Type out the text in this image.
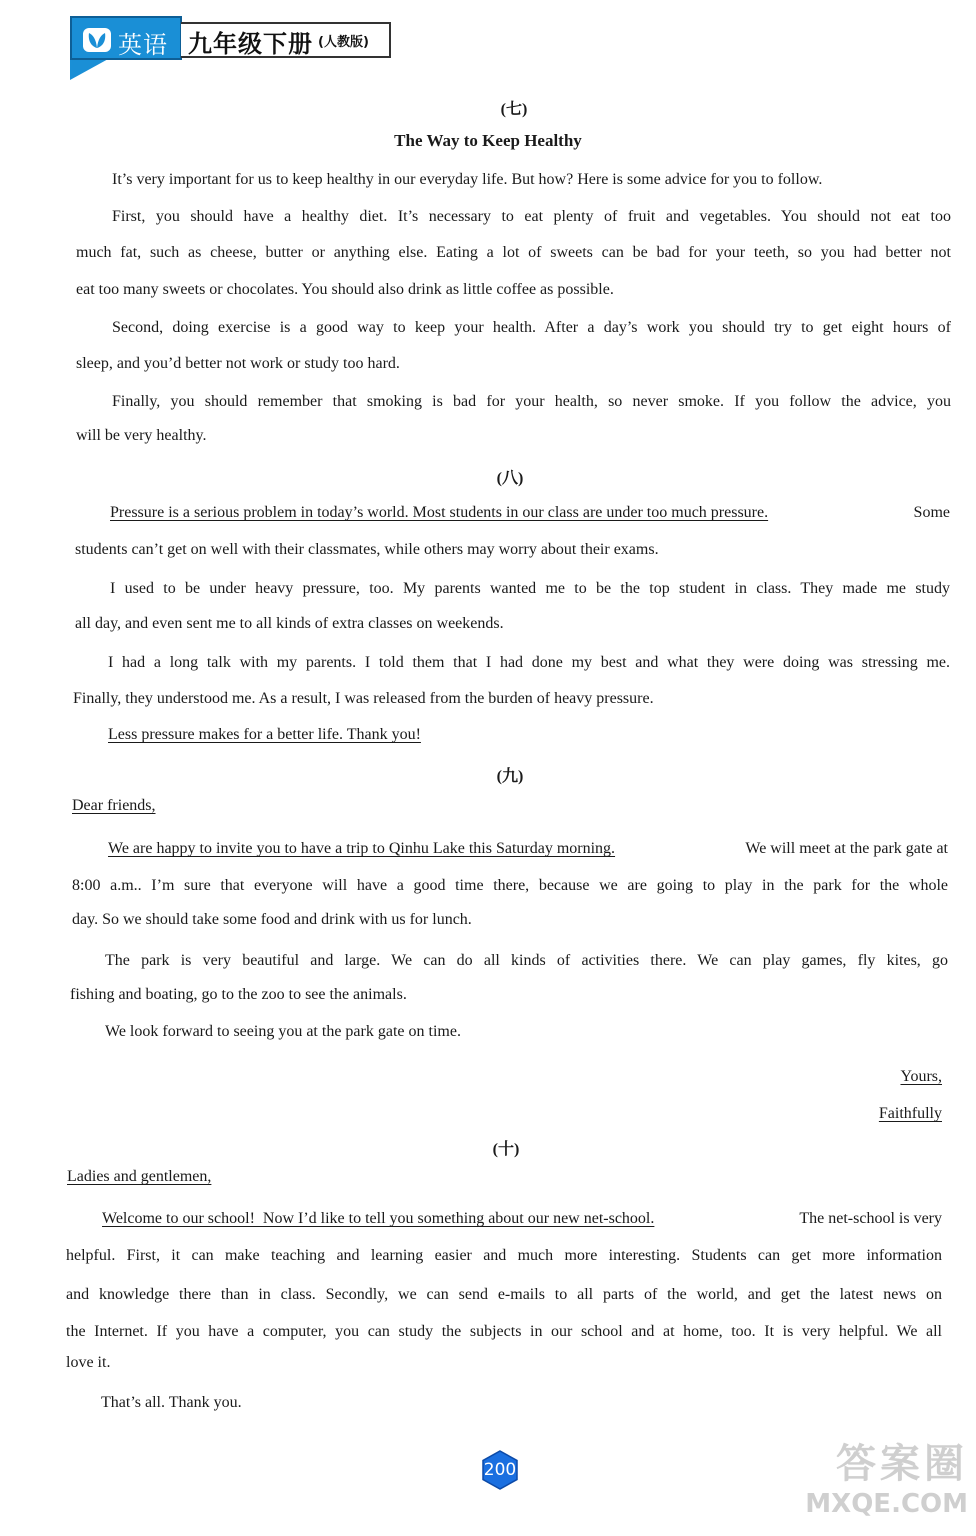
英语 九年级下册 (人教版)
(七)
The Way to Keep Healthy
It’s very important for us to keep healthy in our everyday life. But how? Here is some advice for you to follow.
First, you should have a healthy diet. It’s necessary to eat plenty of fruit and vegetables. You should not eat too
much fat, such as cheese, butter or anything else. Eating a lot of sweets can be bad for your teeth, so you had better not
eat too many sweets or chocolates. You should also drink as little coffee as possible.
Second, doing exercise is a good way to keep your health. After a day’s work you should try to get eight hours of
sleep, and you’d better not work or study too hard.
Finally, you should remember that smoking is bad for your health, so never smoke. If you follow the advice, you
will be very healthy.
(八)
Pressure is a serious problem in today’s world. Most students in our class are under too much pressure.	Some
students can’t get on well with their classmates, while others may worry about their exams.
I used to be under heavy pressure, too. My parents wanted me to be the top student in class. They made me study
all day, and even sent me to all kinds of extra classes on weekends.
I had a long talk with my parents. I told them that I had done my best and what they were doing was stressing me.
Finally, they understood me. As a result, I was released from the burden of heavy pressure.
Less pressure makes for a better life. Thank you!
(九)
Dear friends,
We are happy to invite you to have a trip to Qinhu Lake this Saturday morning.	We will meet at the park gate at
8:00 a.m.. I’m sure that everyone will have a good time there, because we are going to play in the park for the whole
day. So we should take some food and drink with us for lunch.
The park is very beautiful and large. We can do all kinds of activities there. We can play games, fly kites, go
fishing and boating, go to the zoo to see the animals.
We look forward to seeing you at the park gate on time.
Yours,
Faithfully
(十)
Ladies and gentlemen,
Welcome to our school!  Now I’d like to tell you something about our new net-school.	The net-school is very
helpful. First, it can make teaching and learning easier and much more interesting. Students can get more information
and knowledge there than in class. Secondly, we can send e-mails to all parts of the world, and get the latest news on
the Internet. If you have a computer, you can study the subjects in our school and at home, too. It is very helpful. We all
love it.
That’s all. Thank you.
200	答案圈
MXQE.COM
